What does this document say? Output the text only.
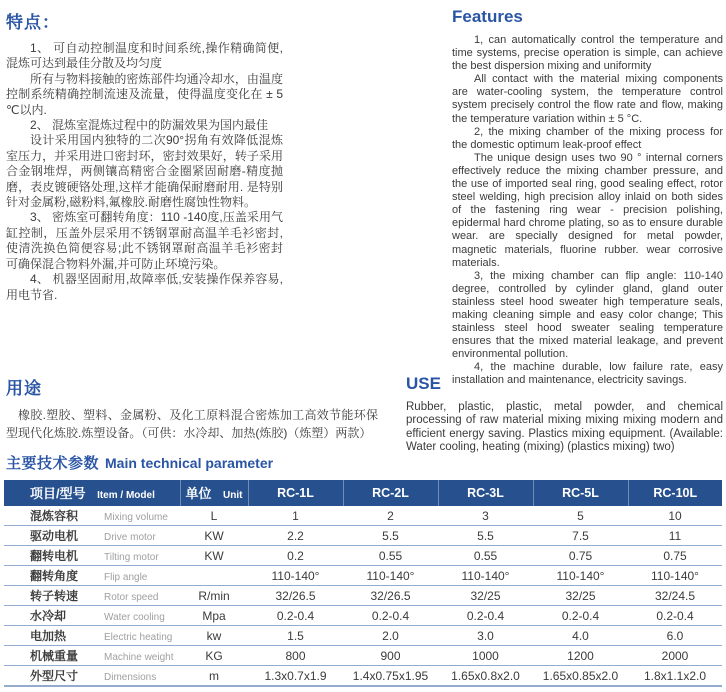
特点：

1、 可自动控制温度和时间系统,操作精确简便,混炼可达到最佳分散及均匀度

所有与物料接触的密炼部件均通冷却水，由温度控制系统精确控制流速及流量，使得温度变化在 ± 5 ℃以内.

2、 混炼室混炼过程中的防漏效果为国内最佳

设计采用国内独特的二次90°拐角有效降低混炼室压力，并采用进口密封环，密封效果好，转子采用合金钢堆焊，两侧镶高精密合金圈紧固耐磨-精度抛磨，表皮镀硬铬处理,这样才能确保耐磨耐用. 是特别针对金属粉,磁粉料,氟橡胶.耐磨性腐蚀性物料。

3、 密炼室可翻转角度：110 -140度,压盖采用气缸控制，压盖外层采用不锈钢罩耐高温羊毛衫密封,使清洗换色简便容易;此不锈钢罩耐高温羊毛衫密封可确保混合物料外漏,并可防止环境污染。

4、 机器坚固耐用,故障率低,安装操作保养容易,用电节省.

Features

1, can automatically control the temperature and time systems, precise operation is simple, can achieve the best dispersion mixing and uniformity

All contact with the material mixing components are water-cooling system, the temperature control system precisely control the flow rate and flow, making the temperature variation within ± 5 °C.

2, the mixing chamber of the mixing process for the domestic optimum leak-proof effect

The unique design uses two 90 ° internal corners effectively reduce the mixing chamber pressure, and the use of imported seal ring, good sealing effect, rotor steel welding, high precision alloy inlaid on both sides of the fastening ring wear - precision polishing, epidermal hard chrome plating, so as to ensure durable wear. are specially designed for metal powder, magnetic materials, fluorine rubber. wear corrosive materials.

3, the mixing chamber can flip angle: 110-140 degree, controlled by cylinder gland, gland outer stainless steel hood sweater high temperature seals, making cleaning simple and easy color change; This stainless steel hood sweater sealing temperature ensures that the mixed material leakage, and prevent environmental pollution.

4, the machine durable, low failure rate, easy installation and maintenance, electricity savings.

用途

橡胶.塑胶、塑料、金属粉、及化工原料混合密炼加工高效节能环保型现代化炼胶.炼塑设备。（可供：水冷却、加热(炼胶)（炼塑）两款）

USE

Rubber, plastic, plastic, metal powder, and chemical processing of raw material mixing mixing mixing modern and efficient energy saving. Plastics mixing equipment. (Available: Water cooling, heating (mixing) (plastics mixing) two)

主要技术参数 Main technical parameter
项目/型号 Item / Model	单位 Unit	RC-1L	RC-2L	RC-3L	RC-5L	RC-10L
混炼容积 Mixing volume	L	1	2	3	5	10
驱动电机 Drive motor	KW	2.2	5.5	5.5	7.5	11
翻转电机 Tilting motor	KW	0.2	0.55	0.55	0.75	0.75
翻转角度 Flip angle		110-140°	110-140°	110-140°	110-140°	110-140°
转子转速 Rotor speed	R/min	32/26.5	32/26.5	32/25	32/25	32/24.5
水冷却 Water cooling	Mpa	0.2-0.4	0.2-0.4	0.2-0.4	0.2-0.4	0.2-0.4
电加热 Electric heating	kw	1.5	2.0	3.0	4.0	6.0
机械重量 Machine weight	KG	800	900	1000	1200	2000
外型尺寸 Dimensions	m	1.3x0.7x1.9	1.4x0.75x1.95	1.65x0.8x2.0	1.65x0.85x2.0	1.8x1.1x2.0
